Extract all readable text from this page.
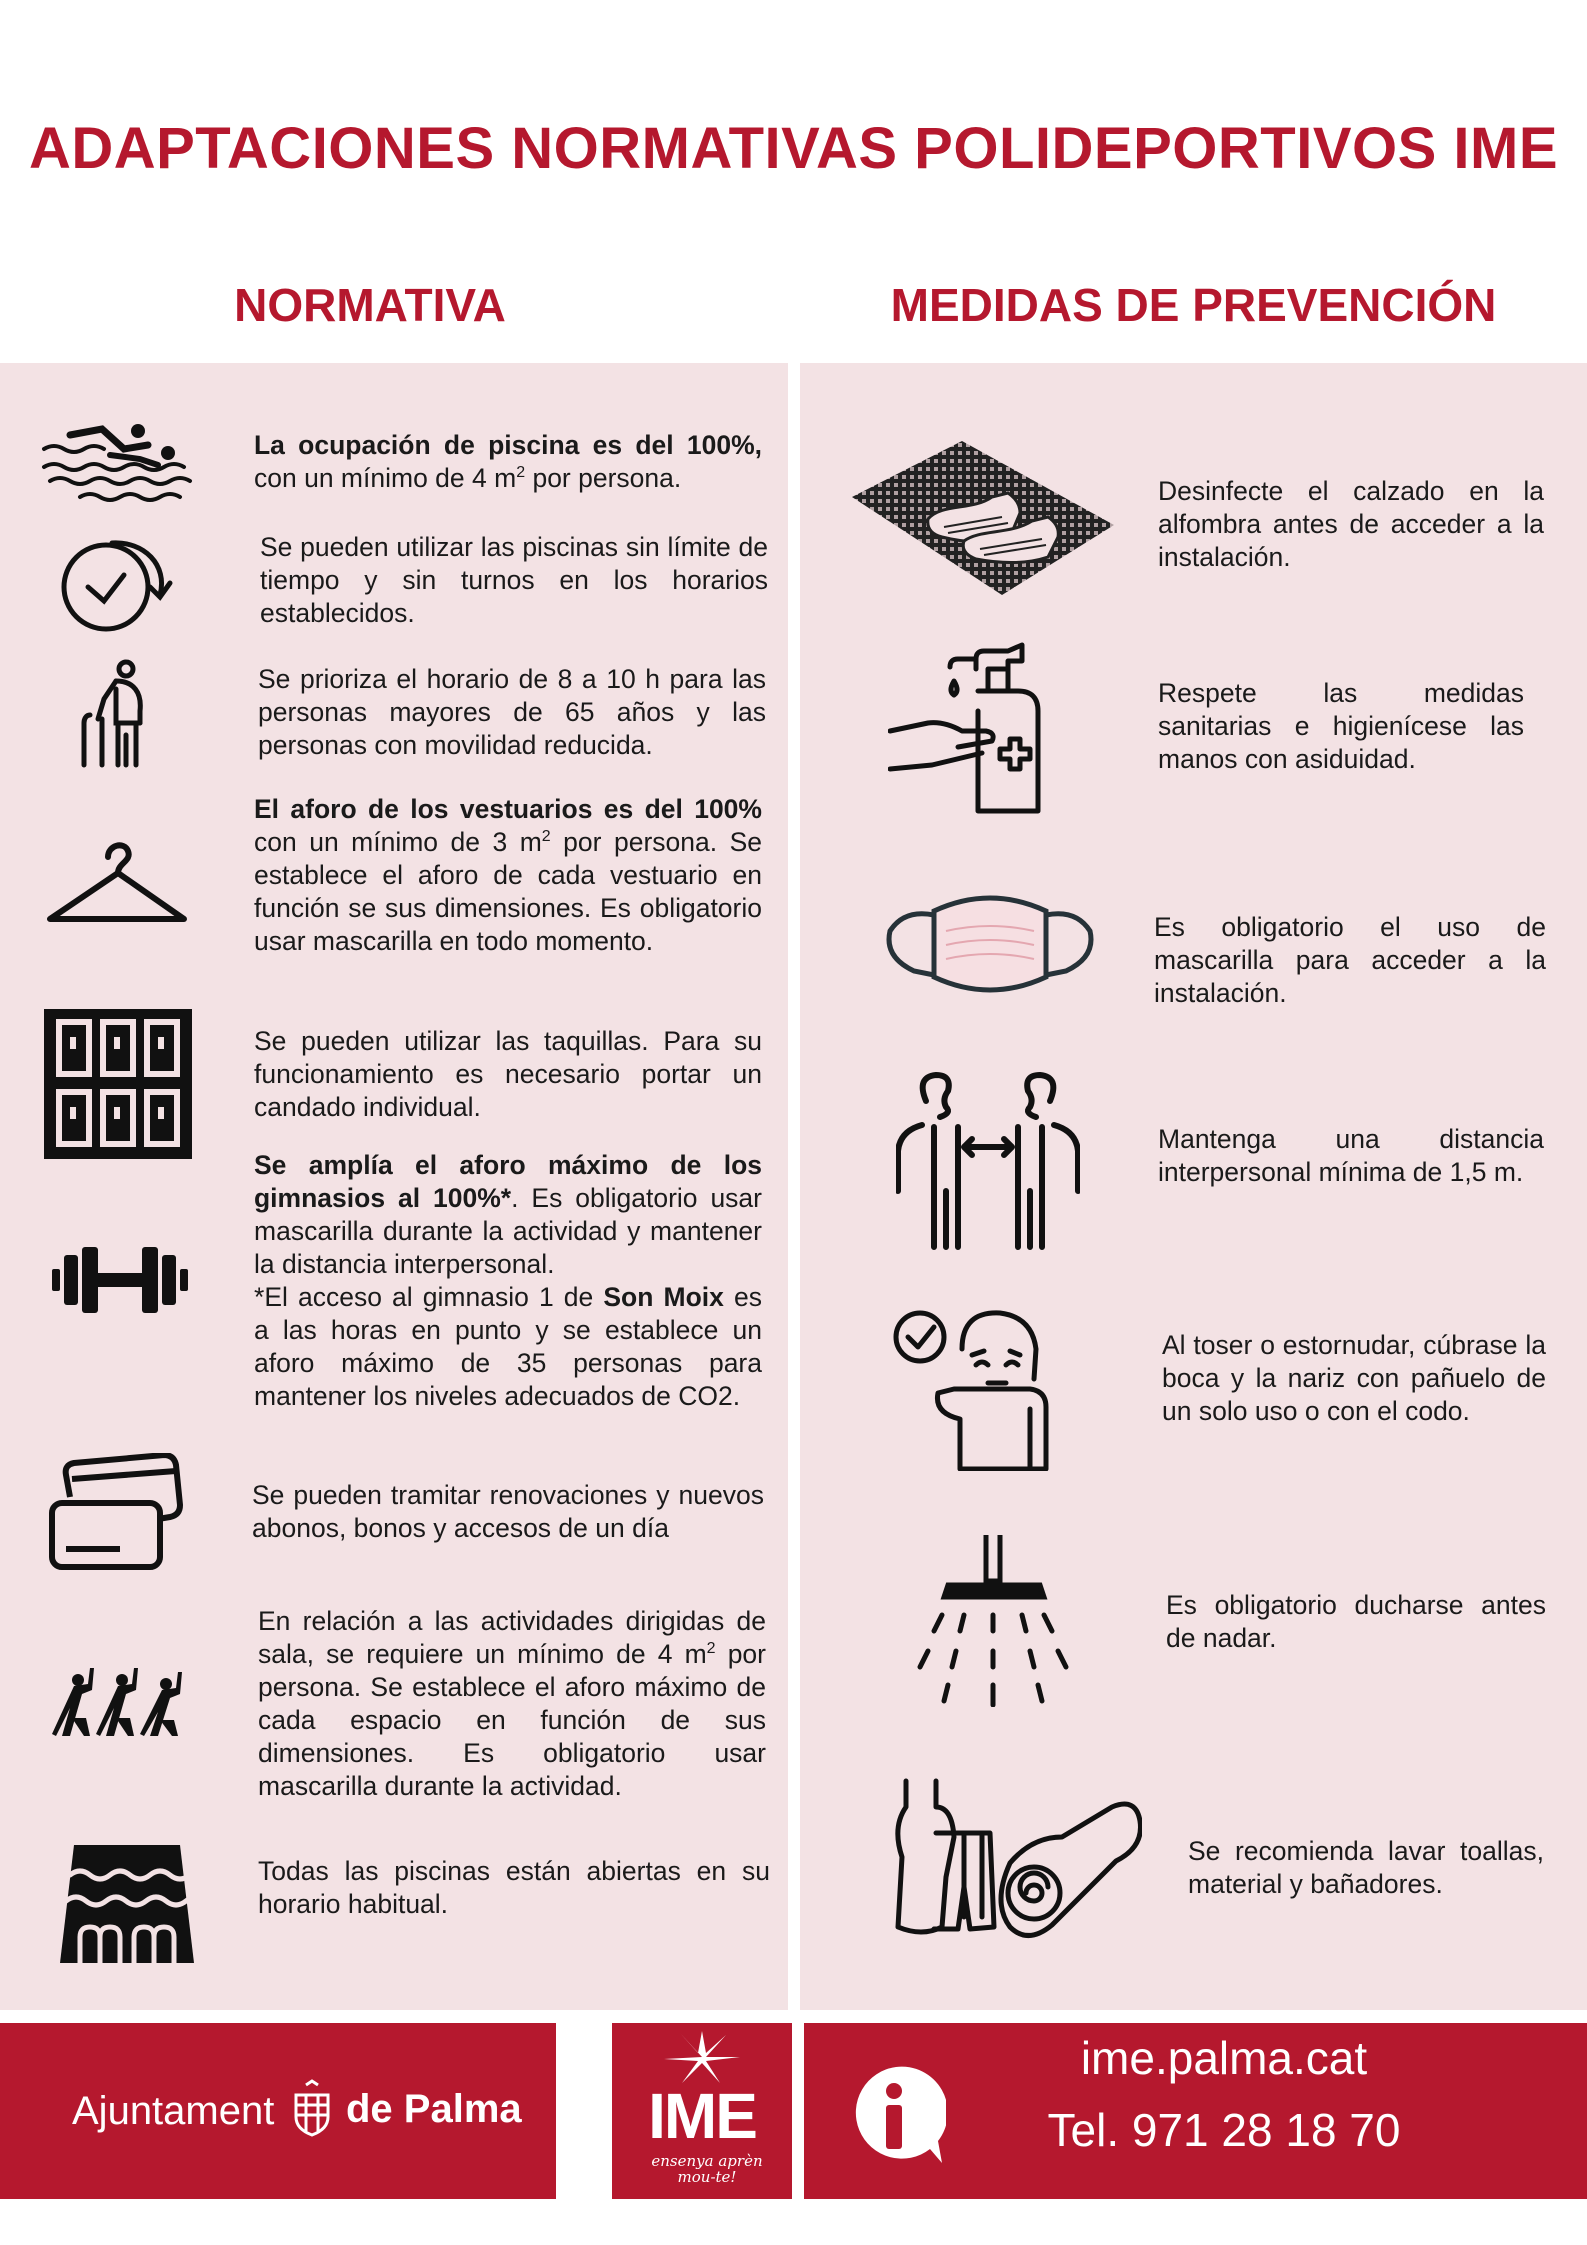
ADAPTACIONES NORMATIVAS POLIDEPORTIVOS IME
NORMATIVA	MEDIDAS DE PREVENCIÓN

La ocupación de piscina es del 100%, con un mínimo de 4 $m^2$ por persona.

Se pueden utilizar las piscinas sin límite de tiempo y sin turnos en los horarios establecidos.
Se prioriza el horario de 8 a 10 h para las personas mayores de 65 años y las personas con movilidad reducida.

El aforo de los vestuarios es del 100% con un mínimo de 3 $m^2$ por persona. Se establece el aforo de cada vestuario en función se sus dimensiones. Es obligatorio usar mascarilla en todo momento.

Se pueden utilizar las taquillas. Para su funcionamiento es necesario portar un candado individual.

Se amplía el aforo máximo de los gimnasios al 100%*. Es obligatorio usar mascarilla durante la actividad y mantener la distancia interpersonal.

*El acceso al gimnasio 1 de Son Moix es a las horas en punto y se establece un aforo máximo de 35 personas para mantener los niveles adecuados de CO2.

Se pueden tramitar renovaciones y nuevos abonos, bonos y accesos de un día

En relación a las actividades dirigidas de sala, se requiere un mínimo de 4 $m^2$ por persona. Se establece el aforo máximo de cada espacio en función de sus dimensiones. Es obligatorio usar mascarilla durante la actividad.

Todas las piscinas están abiertas en su horario habitual.
Desinfecte el calzado en la alfombra antes de acceder a la instalación.
Respete las medidas sanitarias e higienícese las manos con asiduidad.
Es obligatorio el uso de mascarilla para acceder a la instalación.
Mantenga una distancia interpersonal mínima de 1,5 m.
Al toser o estornudar, cúbrase la boca y la nariz con pañuelo de un solo uso o con el codo.
Es obligatorio ducharse antes de nadar.
Se recomienda lavar toallas, material y bañadores.
Ajuntament de Palma	IME
ensenya aprèn mou-te!
ime.palma.cat
Tel. 971 28 18 70
